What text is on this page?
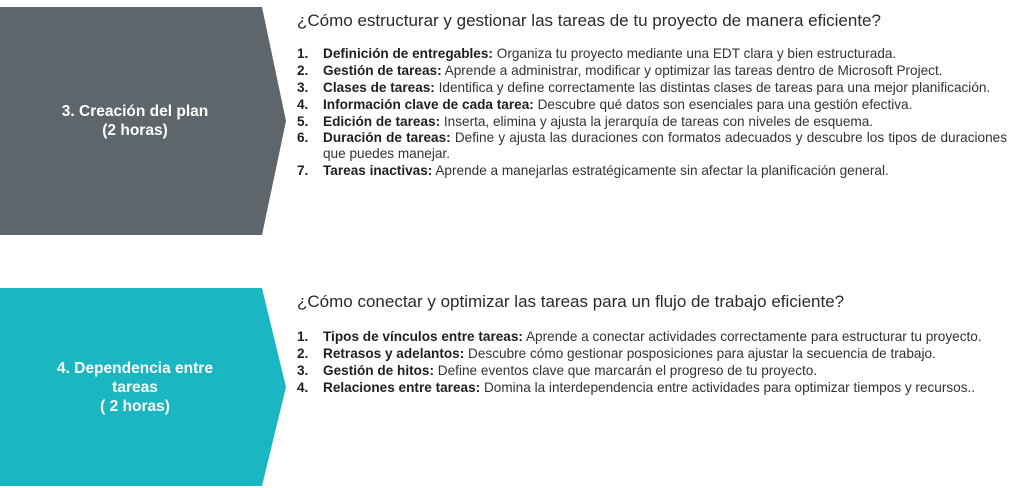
3. Creación del plan
(2 horas)

¿Cómo estructurar y gestionar las tareas de tu proyecto de manera eficiente?

1. Definición de entregables: Organiza tu proyecto mediante una EDT clara y bien estructurada.
2. Gestión de tareas: Aprende a administrar, modificar y optimizar las tareas dentro de Microsoft Project.
3. Clases de tareas: Identifica y define correctamente las distintas clases de tareas para una mejor planificación.
4. Información clave de cada tarea: Descubre qué datos son esenciales para una gestión efectiva.
5. Edición de tareas: Inserta, elimina y ajusta la jerarquía de tareas con niveles de esquema.
6. Duración de tareas: Define y ajusta las duraciones con formatos adecuados y descubre los tipos de duraciones que puedes manejar.
7. Tareas inactivas: Aprende a manejarlas estratégicamente sin afectar la planificación general.
4. Dependencia entre
tareas
( 2 horas)

¿Cómo conectar y optimizar las tareas para un flujo de trabajo eficiente?

1. Tipos de vínculos entre tareas: Aprende a conectar actividades correctamente para estructurar tu proyecto.
2. Retrasos y adelantos: Descubre cómo gestionar posposiciones para ajustar la secuencia de trabajo.
3. Gestión de hitos: Define eventos clave que marcarán el progreso de tu proyecto.
4. Relaciones entre tareas: Domina la interdependencia entre actividades para optimizar tiempos y recursos..
